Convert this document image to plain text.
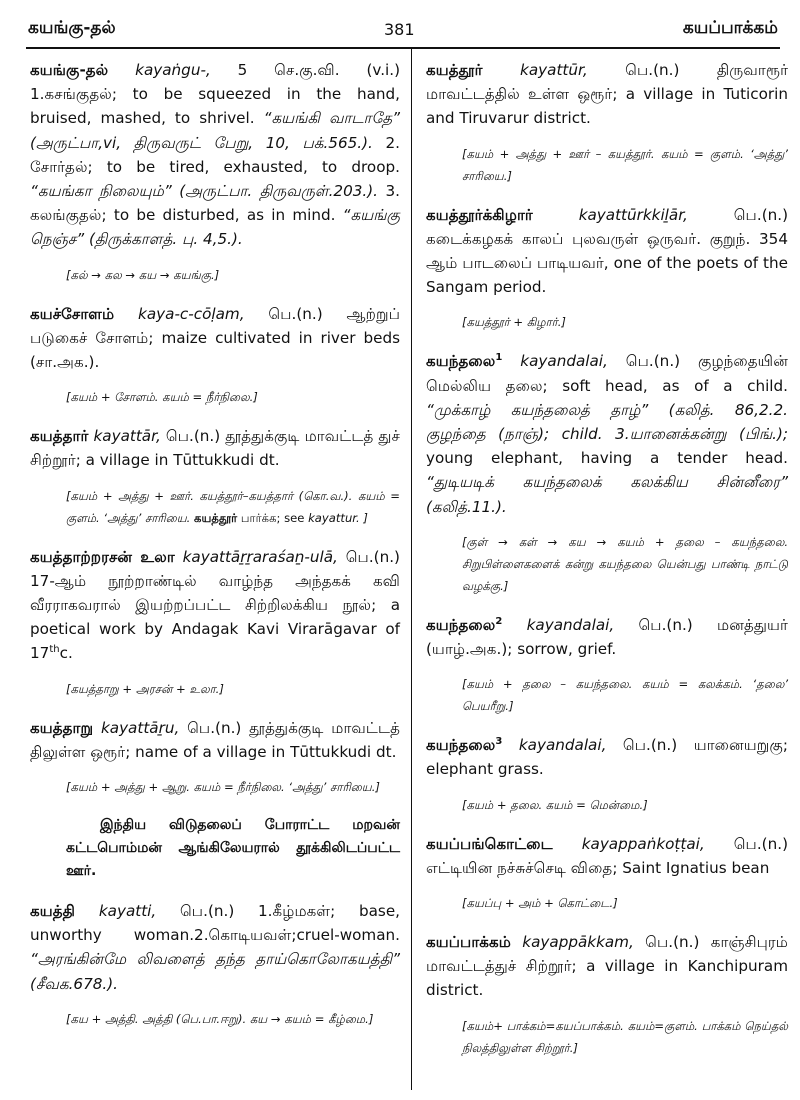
கயங்கு-தல்	381	கயப்பாக்கம்

கயங்கு-தல் kayaṅgu-, 5 செ.கு.வி. (v.i.) 1.கசங்குதல்; to be squeezed in the hand, bruised, mashed, to shrivel. “கயங்கி வாடாதே” (அருட்பா,vi, திருவருட் பேறு, 10, பக்.565.). 2. சோர்தல்; to be tired, exhausted, to droop. “கயங்கா நிலையும்” (அருட்பா. திருவருள்.203.). 3. கலங்குதல்; to be disturbed, as in mind. “கயங்கு நெஞ்ச” (திருக்காளத். பு. 4,5.).

[கல் → கல → கய → கயங்கு.]

கயச்சோளம் kaya-c-cōḷam, பெ.(n.) ஆற்றுப் படுகைச் சோளம்; maize cultivated in river beds (சா.அக.).

[கயம் + சோளம். கயம் = நீர்நிலை.]

கயத்தார் kayattār, பெ.(n.) தூத்துக்குடி மாவட்டத் துச் சிற்றூர்; a village in Tūttukkudi dt.

[கயம் + அத்து + ஊர். கயத்தூர்–கயத்தார் (கொ.வ.). கயம் = குளம். ‘அத்து’ சாரியை. கயத்தூர் பார்க்க; see kayattur. ]

கயத்தாற்றரசன் உலா kayattāṟṟaraśaṉ-ulā, பெ.(n.) 17-ஆம் நூற்றாண்டில் வாழ்ந்த அந்தகக் கவி வீரராகவரால் இயற்றப்பட்ட சிற்றிலக்கிய நூல்; a poetical work by Andagak Kavi Virarāgavar of 17thc.

[கயத்தாறு + அரசன் + உலா.]

கயத்தாறு kayattāṟu, பெ.(n.) தூத்துக்குடி மாவட்டத் திலுள்ள ஒரூர்; name of a village in Tūttukkudi dt.

[கயம் + அத்து + ஆறு. கயம் = நீர்நிலை. ‘அத்து’ சாரியை.]

இந்திய விடுதலைப் போராட்ட மறவன் கட்டபொம்மன் ஆங்கிலேயரால் தூக்கிலிடப்பட்ட ஊர்.

கயத்தி kayatti, பெ.(n.) 1.கீழ்மகள்; base, unworthy woman.2.கொடியவள்;cruel-woman. “அரங்கின்மே லிவளைத் தந்த தாய்கொலோகயத்தி” (சீவக.678.).

[கய + அத்தி. அத்தி (பெ.பா.ஈறு). கய → கயம் = கீழ்மை.]

கயத்தூர் kayattūr, பெ.(n.) திருவாரூர் மாவட்டத்தில் உள்ள ஒரூர்; a village in Tuticorin and Tiruvarur district.

[கயம் + அத்து + ஊர் – கயத்தூர். கயம் = குளம். ‘அத்து’ சாரியை.]

கயத்தூர்க்கிழார்	kayattūrkkiḻār, பெ.(n.) கடைக்கழகக் காலப் புலவருள் ஒருவர். குறுந். 354 ஆம் பாடலைப் பாடியவர், one of the poets of the Sangam period.

[கயத்தூர் + கிழார்.]

கயந்தலை$^1$ kayandalai, பெ.(n.) குழந்தையின் மெல்லிய தலை; soft head, as of a child. “முக்காழ் கயந்தலைத் தாழ்” (கலித். 86,2.2. குழந்தை (நாஞ்); child. 3.யானைக்கன்று (பிங்.); young elephant, having a tender head. “துடியடிக் கயந்தலைக் கலக்கிய சின்னீரை” (கலித்.11.).

[குள் → கள் → கய → கயம் + தலை – கயந்தலை. சிறுபிள்ளைகளைக் கன்று கயந்தலை யென்பது பாண்டி நாட்டு வழக்கு.]

கயந்தலை$^2$ kayandalai, பெ.(n.) மனத்துயர் (யாழ்.அக.); sorrow, grief.

[கயம் + தலை – கயந்தலை. கயம் = கலக்கம். ‘தலை’ பெயரீறு.]

கயந்தலை$^3$ kayandalai, பெ.(n.) யானையறுகு; elephant grass.

[கயம் + தலை. கயம் = மென்மை.]

கயப்பங்கொட்டை kayappaṅkoṭṭai, பெ.(n.) எட்டியின நச்சுச்செடி விதை; Saint Ignatius bean

[கயப்பு + அம் + கொட்டை.]

கயப்பாக்கம் kayappākkam, பெ.(n.) காஞ்சிபுரம் மாவட்டத்துச் சிற்றூர்; a village in Kanchipuram district.

[கயம்+ பாக்கம்=கயப்பாக்கம். கயம்=குளம். பாக்கம் நெய்தல் நிலத்திலுள்ள சிற்றூர்.]
